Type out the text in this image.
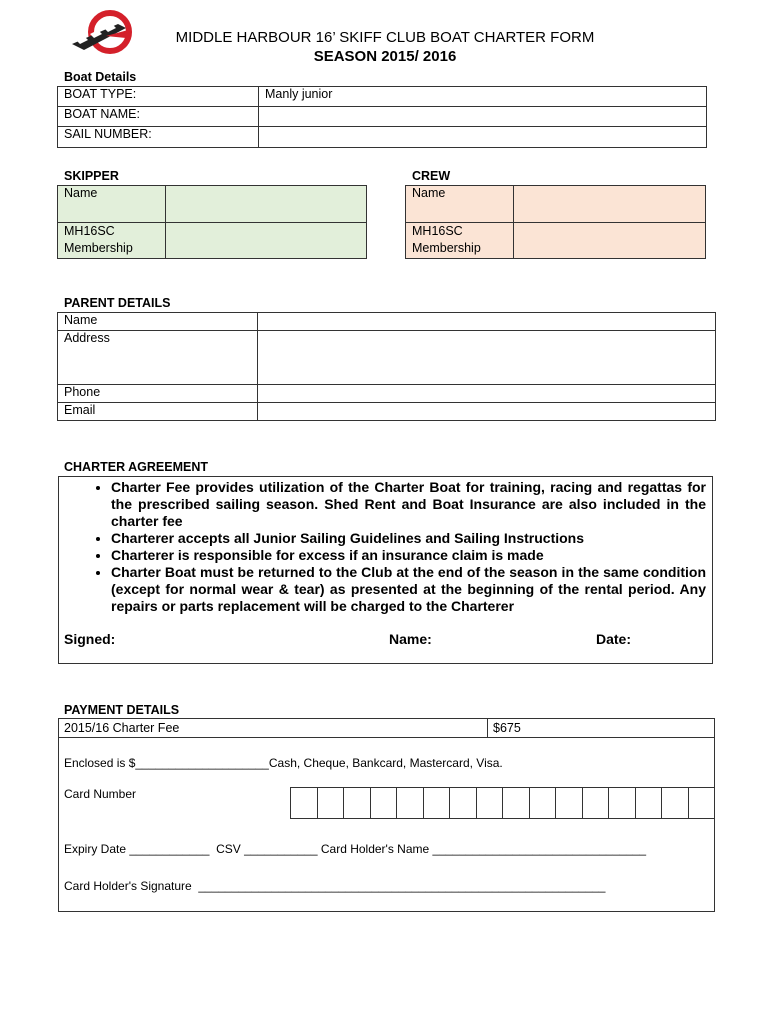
MIDDLE HARBOUR 16’ SKIFF CLUB BOAT CHARTER FORM
SEASON 2015/ 2016
Boat Details
BOAT TYPE:	Manly junior
BOAT NAME:	
SAIL NUMBER:	
SKIPPER
Name	
MH16SC
Membership	
CREW
Name	
MH16SC
Membership	
PARENT DETAILS
Name	
Address	
Phone	
Email	
CHARTER AGREEMENT
• Charter Fee provides utilization of the Charter Boat for training, racing and regattas for the prescribed sailing season. Shed Rent and Boat Insurance are also included in the charter fee
• Charterer accepts all Junior Sailing Guidelines and Sailing Instructions
• Charterer is responsible for excess if an insurance claim is made
• Charter Boat must be returned to the Club at the end of the season in the same condition (except for normal wear & tear) as presented at the beginning of the rental period. Any repairs or parts replacement will be charged to the Charterer
Signed:	Name:	Date:
PAYMENT DETAILS
2015/16 Charter Fee	$675
Enclosed is $____________________Cash, Cheque, Bankcard, Mastercard, Visa.
Card Number
Expiry Date ____________  CSV ___________ Card Holder's Name ________________________________
Card Holder's Signature  _____________________________________________________________
